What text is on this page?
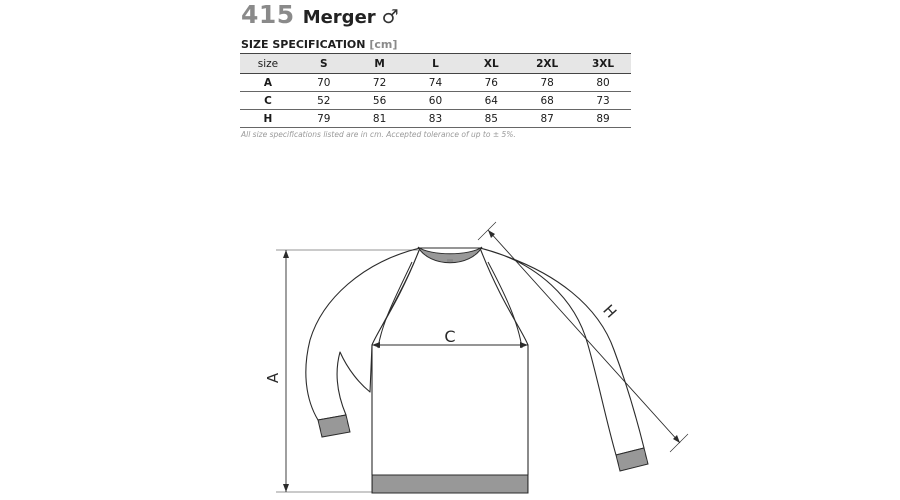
415 Merger ♂
SIZE SPECIFICATION [cm]
size	S	M	L	XL	2XL	3XL
A	70	72	74	76	78	80
C	52	56	60	64	68	73
H	79	81	83	85	87	89
All size specifications listed are in cm. Accepted tolerance of up to ± 5%.
A
C
H
